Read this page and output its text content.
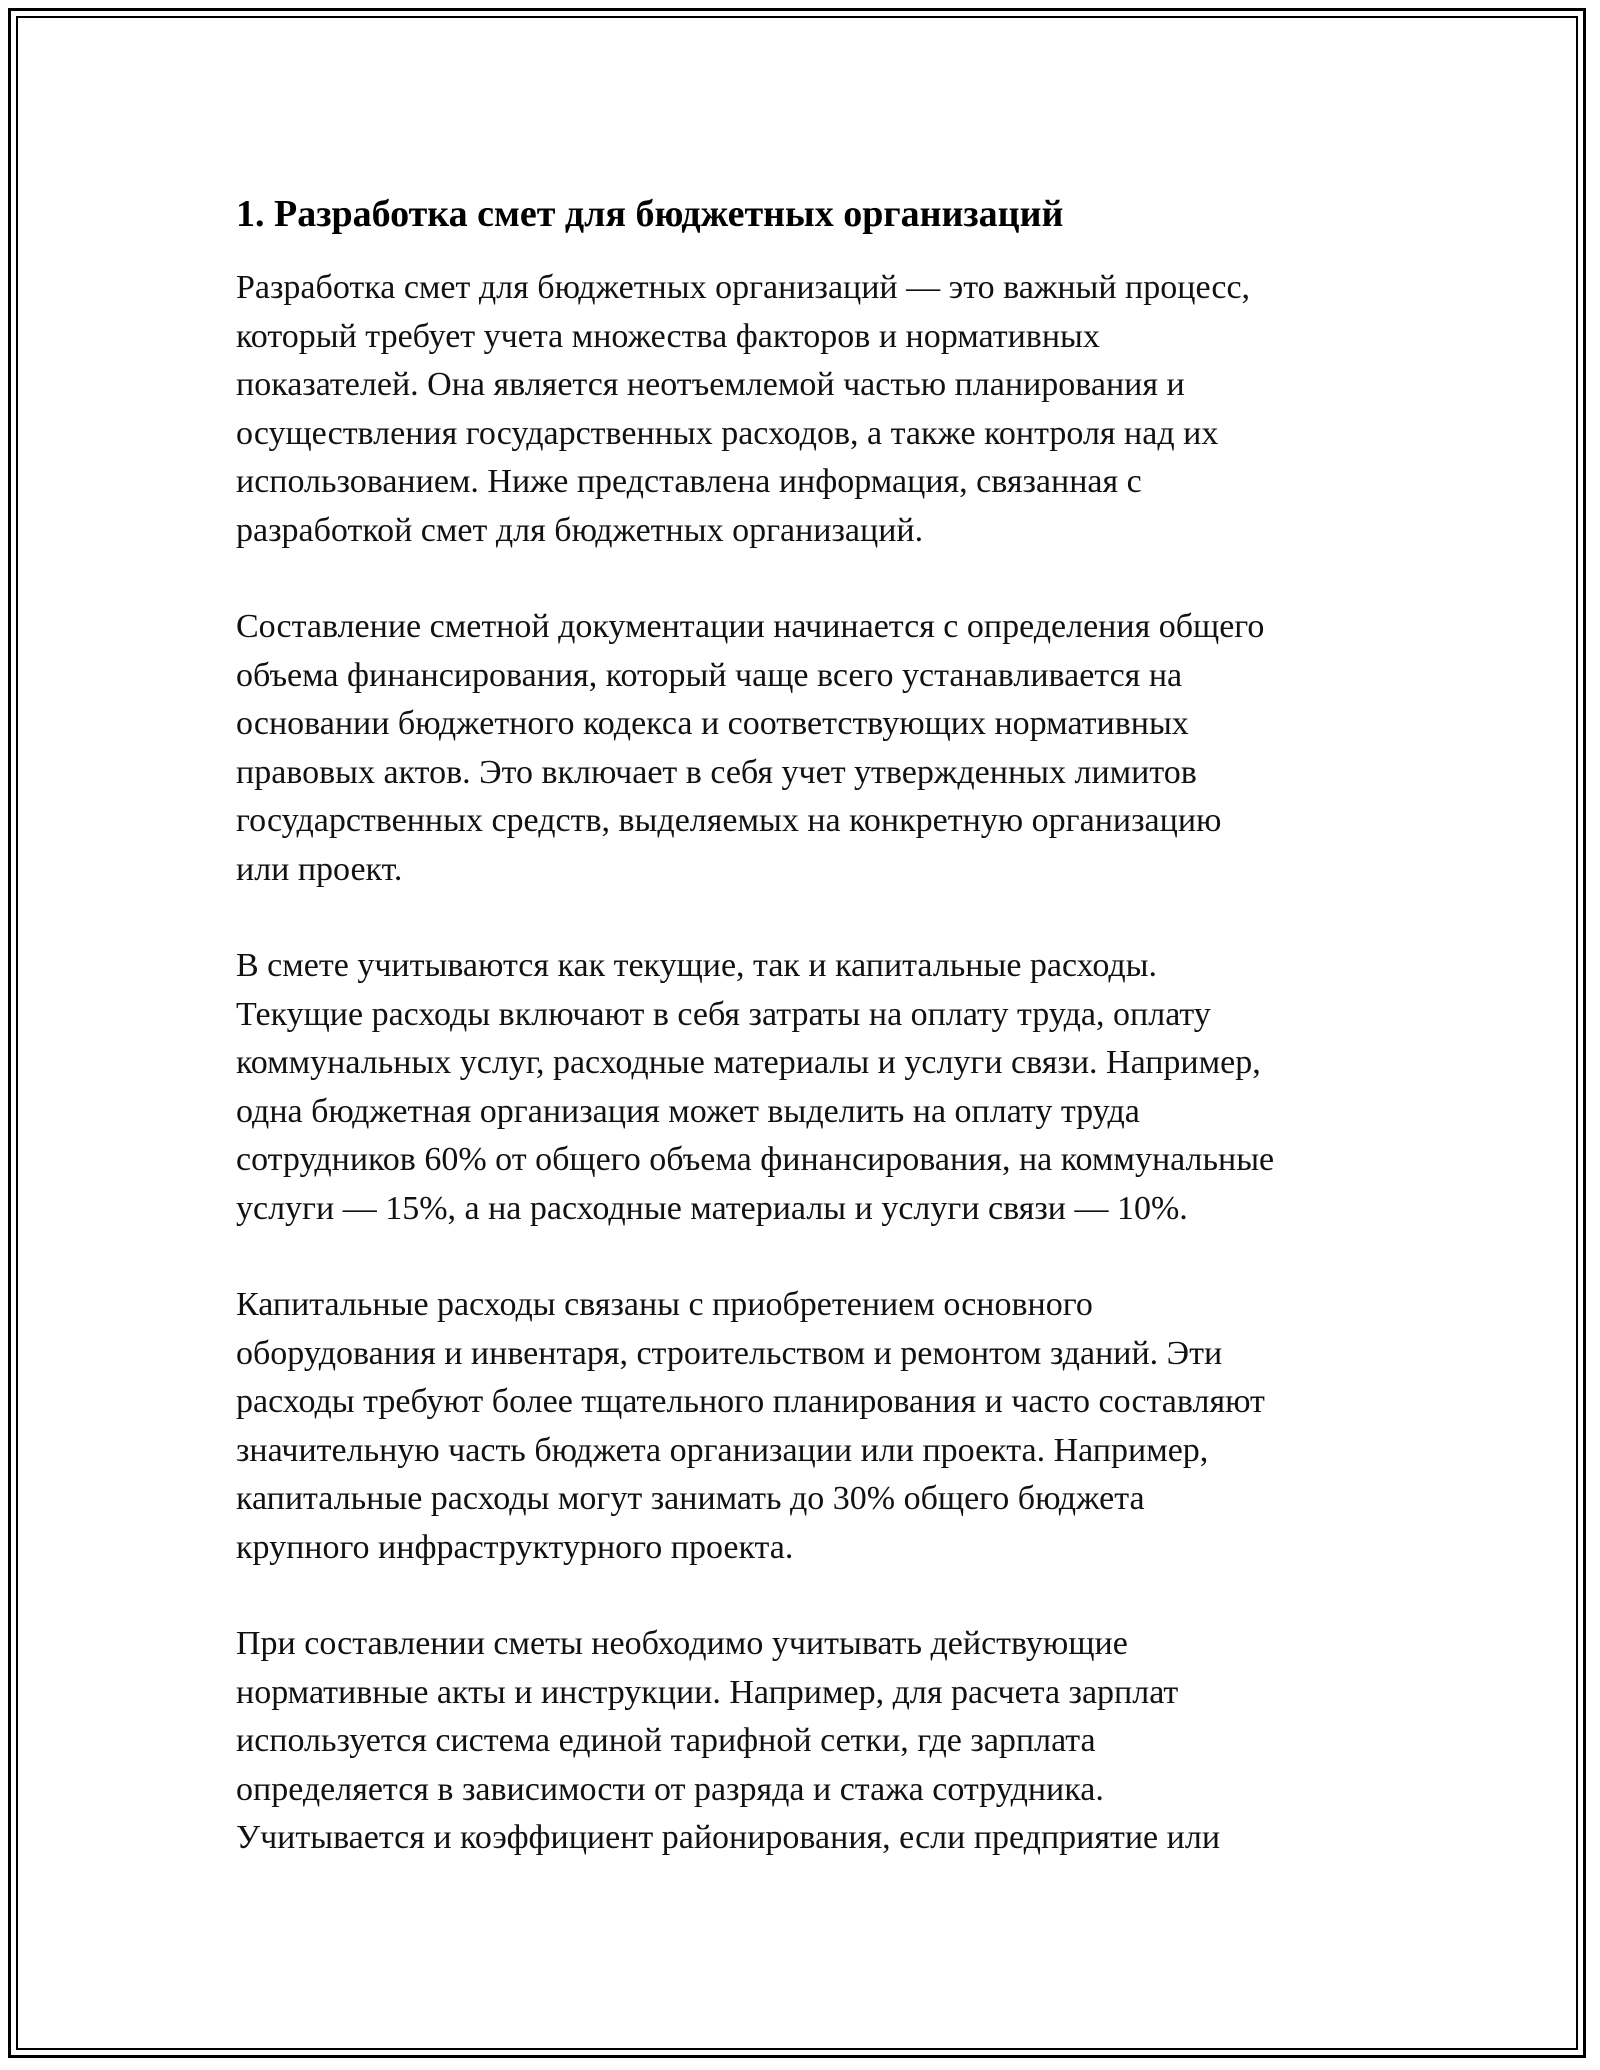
1. Разработка смет для бюджетных организаций
Разработка смет для бюджетных организаций — это важный процесс,
который требует учета множества факторов и нормативных
показателей. Она является неотъемлемой частью планирования и
осуществления государственных расходов, а также контроля над их
использованием. Ниже представлена информация, связанная с
разработкой смет для бюджетных организаций.
Составление сметной документации начинается с определения общего
объема финансирования, который чаще всего устанавливается на
основании бюджетного кодекса и соответствующих нормативных
правовых актов. Это включает в себя учет утвержденных лимитов
государственных средств, выделяемых на конкретную организацию
или проект.
В смете учитываются как текущие, так и капитальные расходы.
Текущие расходы включают в себя затраты на оплату труда, оплату
коммунальных услуг, расходные материалы и услуги связи. Например,
одна бюджетная организация может выделить на оплату труда
сотрудников 60% от общего объема финансирования, на коммунальные
услуги — 15%, а на расходные материалы и услуги связи — 10%.
Капитальные расходы связаны с приобретением основного
оборудования и инвентаря, строительством и ремонтом зданий. Эти
расходы требуют более тщательного планирования и часто составляют
значительную часть бюджета организации или проекта. Например,
капитальные расходы могут занимать до 30% общего бюджета
крупного инфраструктурного проекта.
При составлении сметы необходимо учитывать действующие
нормативные акты и инструкции. Например, для расчета зарплат
используется система единой тарифной сетки, где зарплата
определяется в зависимости от разряда и стажа сотрудника.
Учитывается и коэффициент районирования, если предприятие или
